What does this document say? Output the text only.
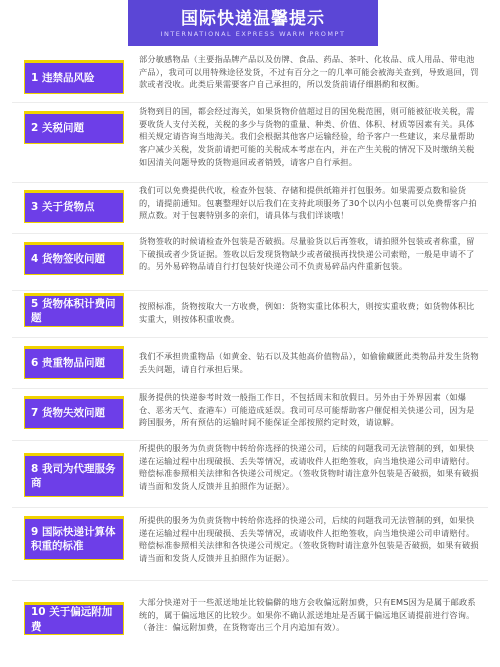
国际快递温馨提示
INTERNATIONAL EXPRESS WARM PROMPT
1 违禁品风险
部分敏感物品（主要指品牌产品以及仿牌、食品、药品、茶叶、化妆品、成人用品、带电池产品），我司可以用特殊途径发货，不过有百分之一的几率可能会被海关查到，导致退回，罚款或者没收。此类后果需要客户自己承担的，所以发货前请仔细斟酌和权衡。
2 关税问题
货物到目的国，都会经过海关，如果货物价值超过目的国免税范围，则可能被征收关税，需要收货人支付关税，关税的多少与货物的重量、种类、价值、体积、材质等因素有关。具体相关规定请咨询当地海关。我们会根据其他客户运输经验，给予客户一些建议，来尽量帮助客户减少关税，发货前请把可能的关税成本考虑在内，并在产生关税的情况下及时缴纳关税如因清关问题导致的货物退回或者销毁，请客户自行承担。
3 关于货物点
我们可以免费提供代收，检查外包装、存储和提供纸箱并打包服务。如果需要点数和验货的，请提前通知。包裹整理好以后我们在支持此项服务了30个以内小包裹可以免费帮客户拍照点数。对于包裹特别多的亲们，请具体与我们详谈哦！
4 货物签收问题
货物签收的时候请检查外包装是否破损。尽量验货以后再签收，请拍照外包装或者称重，留下破损或者少货证据。签收以后发现货物缺少或者破损再找快递公司索赔，一般是申请不了的。另外易碎物品请自行打包装好快递公司不负责易碎品内件重新包装。
5 货物体积计费问题
按照标准，货物按取大一方收费，例如：货物实重比体积大，则按实重收费；如货物体积比实重大，则按体积重收费。
6 贵重物品问题
我们不承担贵重物品（如黄金、钻石以及其他高价值物品），如偷偷藏匿此类物品并发生货物丢失问题，请自行承担后果。
7 货物失效问题
服务提供的快递参考时效一般指工作日，不包括周末和放假日。另外由于外界因素（如爆仓、恶劣天气、查港车）可能造成延误。我司可尽可能帮助客户催促相关快递公司，因为是跨国服务，所有预估的运输时间不能保证全部按照约定时效，请谅解。
8 我司为代理服务商
所提供的服务为负责货物中转给你选择的快递公司，后续的问题我司无法管制的到，如果快递在运输过程中出现破损、丢失等情况，或请收件人拒绝签收，向当地快递公司申请赔付。赔偿标准参照相关法律和各快递公司规定。（签收货物时请注意外包装是否破损，如果有破损请当面和发货人反馈并且拍照作为证据）。
9 国际快递计算体积重的标准
所提供的服务为负责货物中转给你选择的快递公司，后续的问题我司无法管制的到，如果快递在运输过程中出现破损、丢失等情况，或请收件人拒绝签收，向当地快递公司申请赔付。赔偿标准参照相关法律和各快递公司规定。（签收货物时请注意外包装是否破损，如果有破损请当面和发货人反馈并且拍照作为证据）。
10 关于偏远附加费
大部分快递对于一些派送地址比较偏僻的地方会收偏远附加费，只有EMS因为是属于邮政系统的，属于偏远地区的比较少。如果你不确认派送地址是否属于偏远地区请提前进行咨询。（备注：偏远附加费，在货物寄出三个月内追加有效）。
